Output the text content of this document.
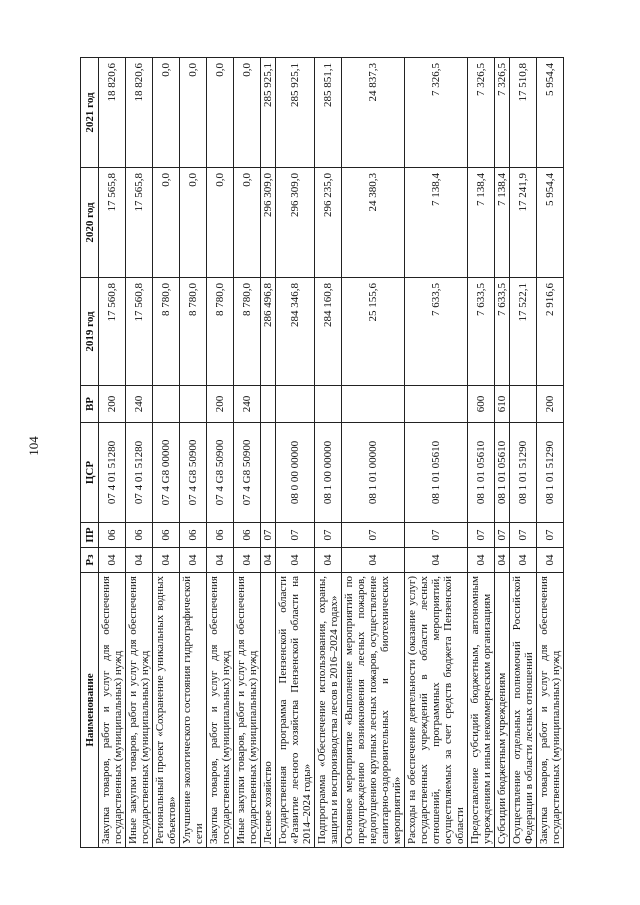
104
Наименование	Рз	ПР	ЦСР	ВР	2019 год	2020 год	2021 год
Закупка товаров, работ и услуг для обеспечения государственных (муниципальных) нужд	04	06	07 4 01 51280	200	17 560,8	17 565,8	18 820,6
Иные закупки товаров, работ и услуг для обеспечения государственных (муниципальных) нужд	04	06	07 4 01 51280	240	17 560,8	17 565,8	18 820,6
Региональный проект «Сохранение уникальных водных объектов»	04	06	07 4 G8 00000		8 780,0	0,0	0,0
Улучшение экологического состояния гидрографической сети	04	06	07 4 G8 50900		8 780,0	0,0	0,0
Закупка товаров, работ и услуг для обеспечения государственных (муниципальных) нужд	04	06	07 4 G8 50900	200	8 780,0	0,0	0,0
Иные закупки товаров, работ и услуг для обеспечения государственных (муниципальных) нужд	04	06	07 4 G8 50900	240	8 780,0	0,0	0,0
Лесное хозяйство	04	07			286 496,8	296 309,0	285 925,1
Государственная программа Пензенской области «Развитие лесного хозяйства Пензенской области на 2014–2024 годы»	04	07	08 0 00 00000		284 346,8	296 309,0	285 925,1
Подпрограмма «Обеспечение использования, охраны, защиты и воспроизводства лесов в 2016–2024 годах»	04	07	08 1 00 00000		284 160,8	296 235,0	285 851,1
Основное мероприятие «Выполнение мероприятий по предупреждению возникновения лесных пожаров, недопущению крупных лесных пожаров, осуществление санитарно-оздоровительных и биотехнических мероприятий»	04	07	08 1 01 00000		25 155,6	24 380,3	24 837,3
Расходы на обеспечение деятельности (оказание услуг) государственных учреждений в области лесных отношений, программных мероприятий, осуществляемых за счет средств бюджета Пензенской области	04	07	08 1 01 05610		7 633,5	7 138,4	7 326,5
Предоставление субсидий бюджетным, автономным учреждениям и иным некоммерческим организациям	04	07	08 1 01 05610	600	7 633,5	7 138,4	7 326,5
Субсидии бюджетным учреждениям	04	07	08 1 01 05610	610	7 633,5	7 138,4	7 326,5
Осуществление отдельных полномочий Российской Федерации в области лесных отношений	04	07	08 1 01 51290		17 522,1	17 241,9	17 510,8
Закупка товаров, работ и услуг для обеспечения государственных (муниципальных) нужд	04	07	08 1 01 51290	200	2 916,6	5 954,4	5 954,4
